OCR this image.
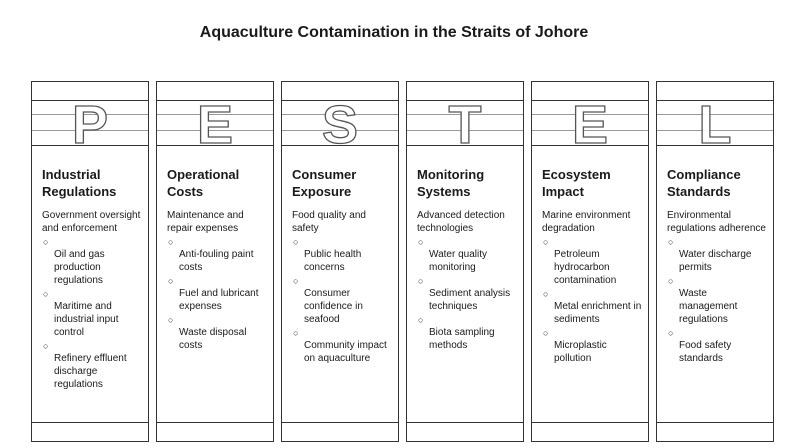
Aquaculture Contamination in the Straits of Johore
P
Industrial Regulations
Government oversight and enforcement
○
Oil and gas production regulations
○
Maritime and industrial input control
○
Refinery effluent discharge regulations
E
Operational Costs
Maintenance and repair expenses
○
Anti-fouling paint costs
○
Fuel and lubricant expenses
○
Waste disposal costs
S
Consumer Exposure
Food quality and safety
○
Public health concerns
○
Consumer confidence in seafood
○
Community impact on aquaculture
T
Monitoring Systems
Advanced detection technologies
○
Water quality monitoring
○
Sediment analysis techniques
○
Biota sampling methods
E
Ecosystem Impact
Marine environment degradation
○
Petroleum hydrocarbon contamination
○
Metal enrichment in sediments
○
Microplastic pollution
L
Compliance Standards
Environmental regulations adherence
○
Water discharge permits
○
Waste management regulations
○
Food safety standards
